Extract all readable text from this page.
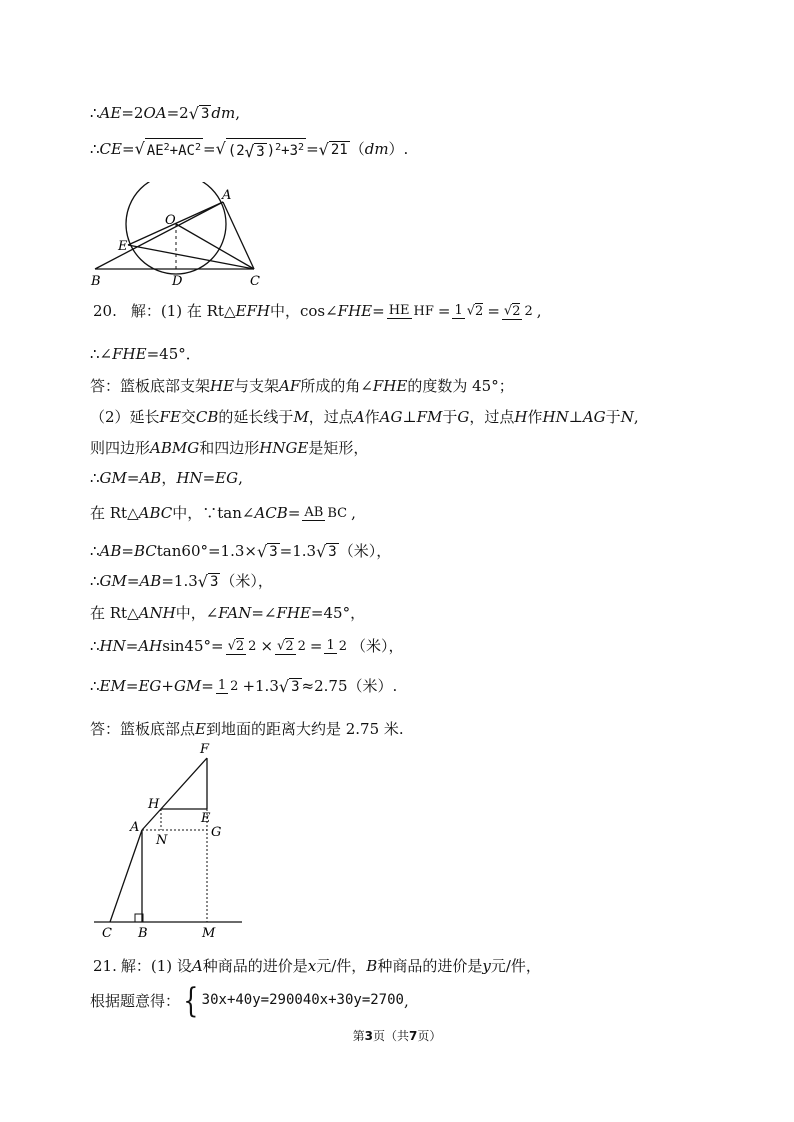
∴AE=2OA=2√ 3 dm,
∴CE=√ $AE^2+AC^2$ =√ (2√ 3 )$^2+3^2$ =√ 21 （dm）.
O
A
E
B	D	C
20. 解：(1) 在 Rt△EFH中，cos∠FHE= HE HF = 1 √2 = √2 2 ,
∴∠FHE=45°．
答：篮板底部支架HE与支架AF所成的角∠FHE的度数为 45°；
（2）延长FE交CB的延长线于M，过点A作AG⊥FM于G，过点H作HN⊥AG于N,
则四边形ABMG和四边形HNGE是矩形，
∴GM=AB，HN=EG,
在 Rt△ABC中，∵tan∠ACB= AB BC ,
∴AB=BCtan60°=1.3×√ 3 =1.3√ 3 （米），
∴GM=AB=1.3√ 3 （米），
在 Rt△ANH中，∠FAN=∠FHE=45°，
∴HN=AHsin45°= √2 2 × √2 2 = 1 2 （米），
∴EM=EG+GM= 1 2 +1.3√ 3 ≈2.75（米）.
答：篮板底部点E到地面的距离大约是 2.75 米.
F
H
E
A	G
N
C B	M
21. 解：(1) 设A种商品的进价是x元/件，B种商品的进价是y元/件，
根据题意得：{ 30x+40y=290040x+30y=2700,
第3页（共7页）
